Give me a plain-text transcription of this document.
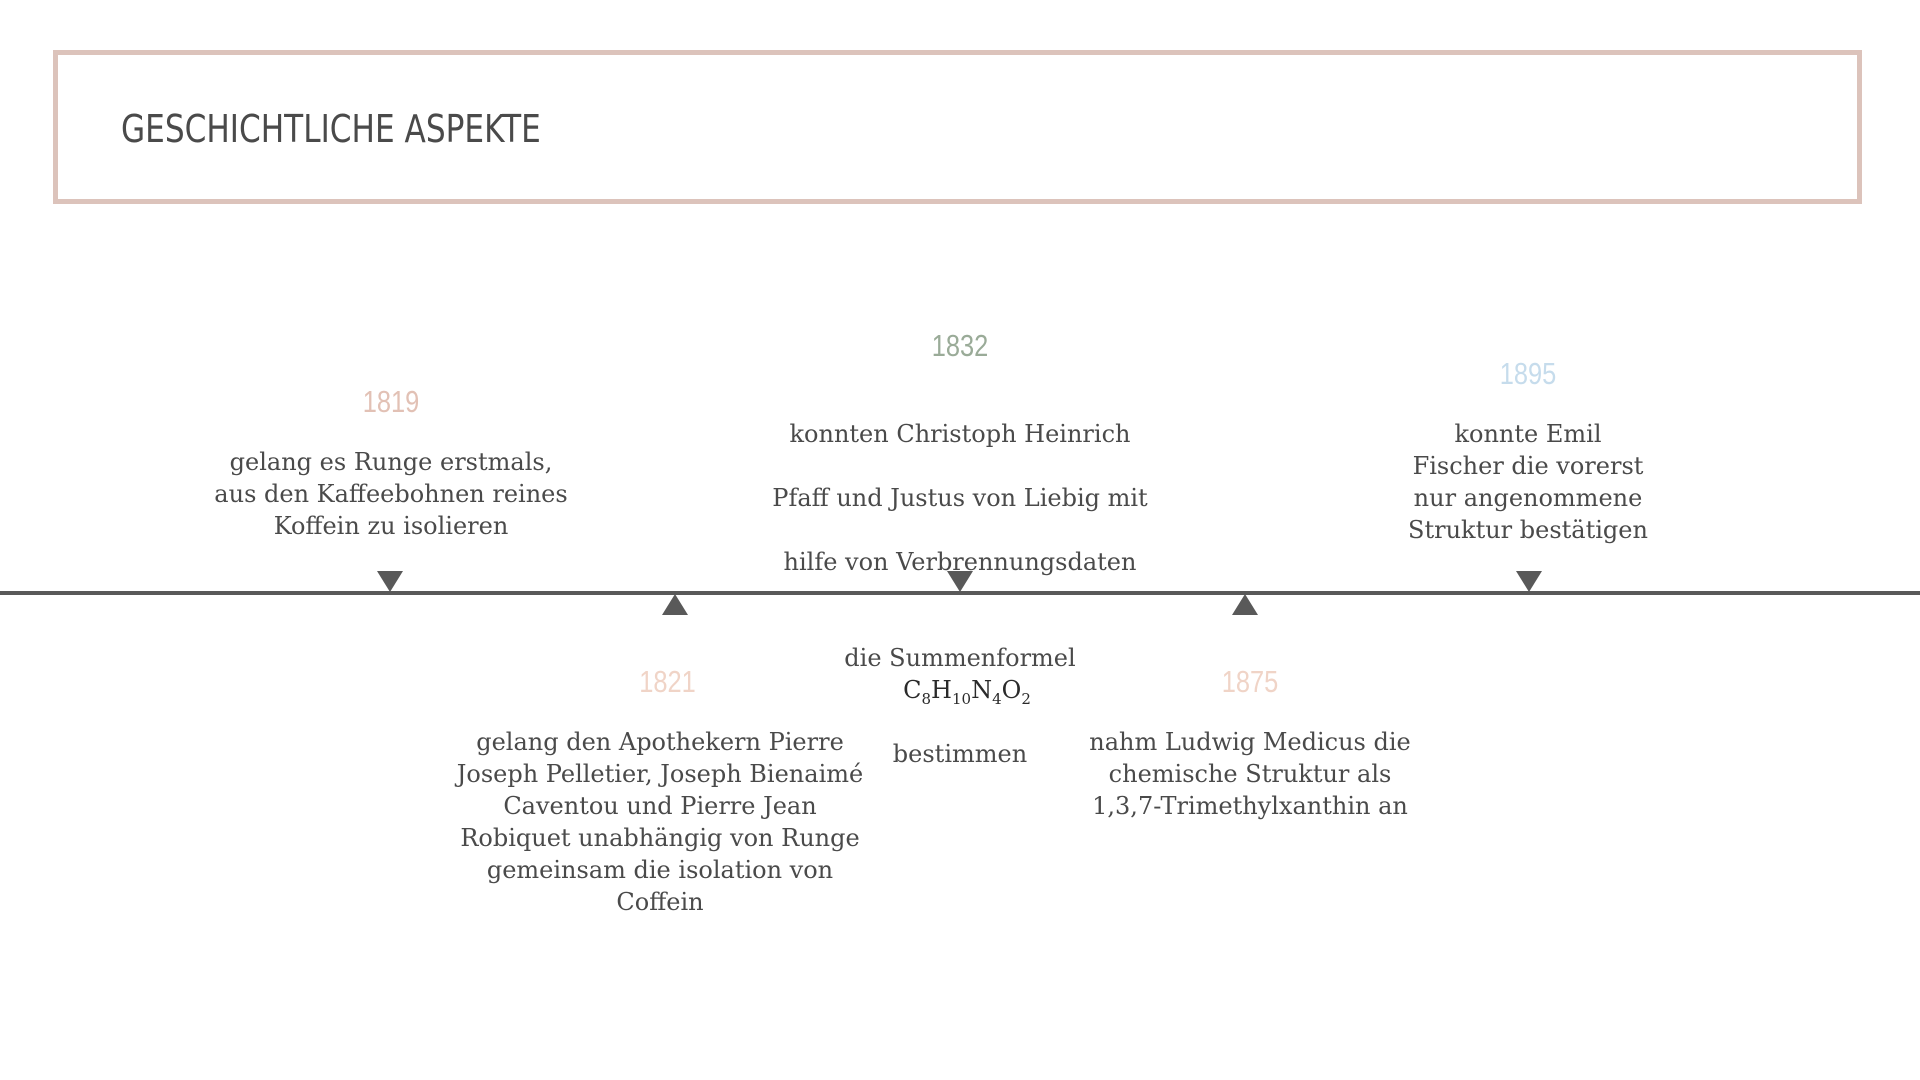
GESCHICHTLICHE ASPEKTE
1819
gelang es Runge erstmals,
aus den Kaffeebohnen reines
Koffein zu isolieren
1821
gelang den Apothekern Pierre
Joseph Pelletier, Joseph Bienaimé
Caventou und Pierre Jean
Robiquet unabhängig von Runge
gemeinsam die isolation von
Coffein
1832

konnten Christoph Heinrich

Pfaff und Justus von Liebig mit

hilfe von Verbrennungsdaten

die Summenformel
$C_8H_{10}N_4O_2$

bestimmen

1875
nahm Ludwig Medicus die
chemische Struktur als
1,3,7-Trimethylxanthin an
1895
konnte Emil
Fischer die vorerst
nur angenommene
Struktur bestätigen
